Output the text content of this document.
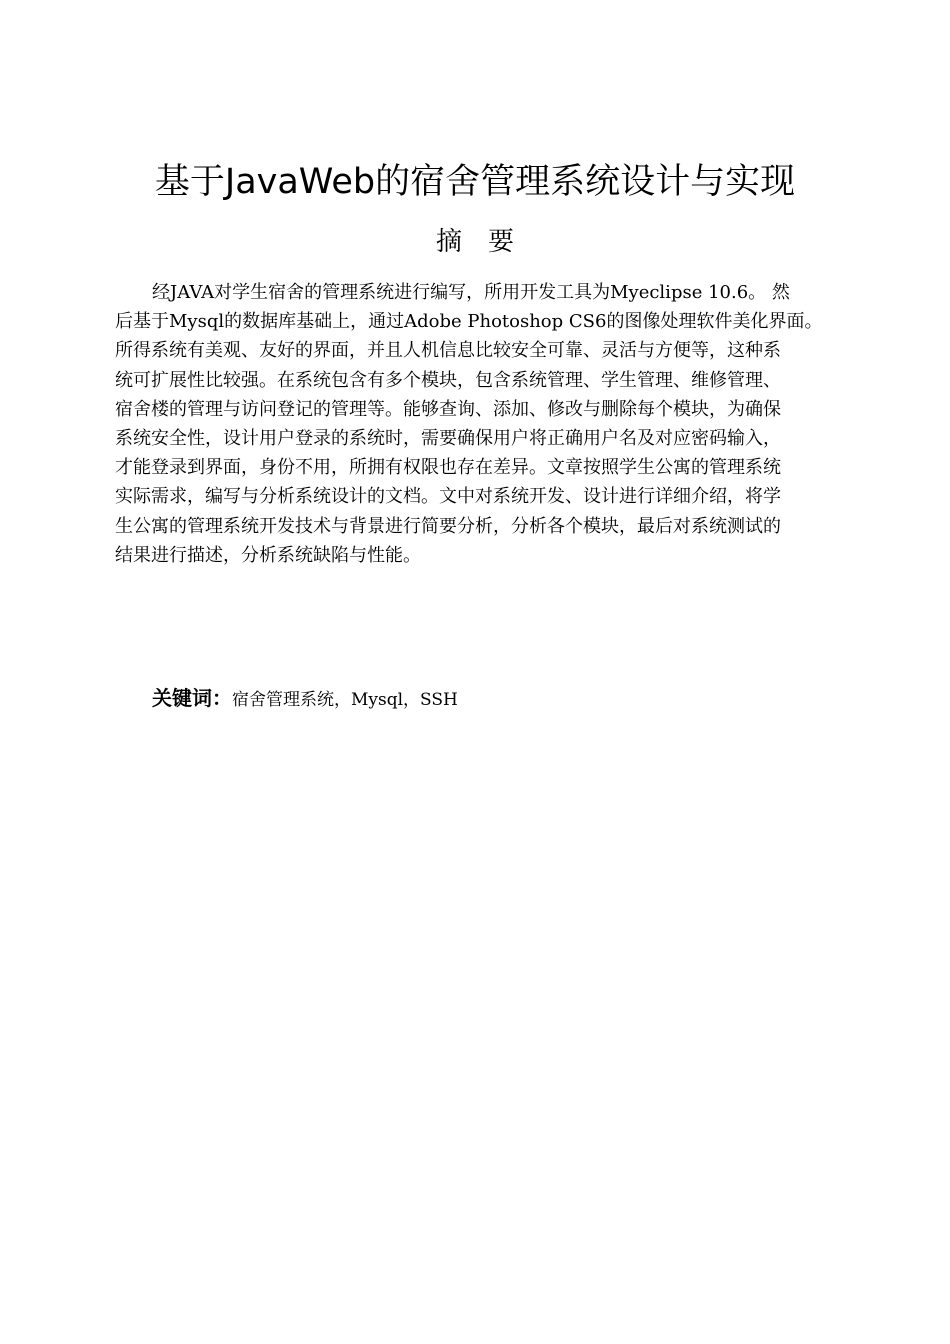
基于JavaWeb的宿舍管理系统设计与实现
摘要
经JAVA对学生宿舍的管理系统进行编写，所用开发工具为Myeclipse 10.6。 然
后基于Mysql的数据库基础上，通过Adobe Photoshop CS6的图像处理软件美化界面。
所得系统有美观、友好的界面，并且人机信息比较安全可靠、灵活与方便等，这种系
统可扩展性比较强。在系统包含有多个模块，包含系统管理、学生管理、维修管理、
宿舍楼的管理与访问登记的管理等。能够查询、添加、修改与删除每个模块，为确保
系统安全性，设计用户登录的系统时，需要确保用户将正确用户名及对应密码输入，
才能登录到界面，身份不用，所拥有权限也存在差异。文章按照学生公寓的管理系统
实际需求，编写与分析系统设计的文档。文中对系统开发、设计进行详细介绍，将学
生公寓的管理系统开发技术与背景进行简要分析，分析各个模块，最后对系统测试的
结果进行描述，分析系统缺陷与性能。
关键词：宿舍管理系统，Mysql，SSH
